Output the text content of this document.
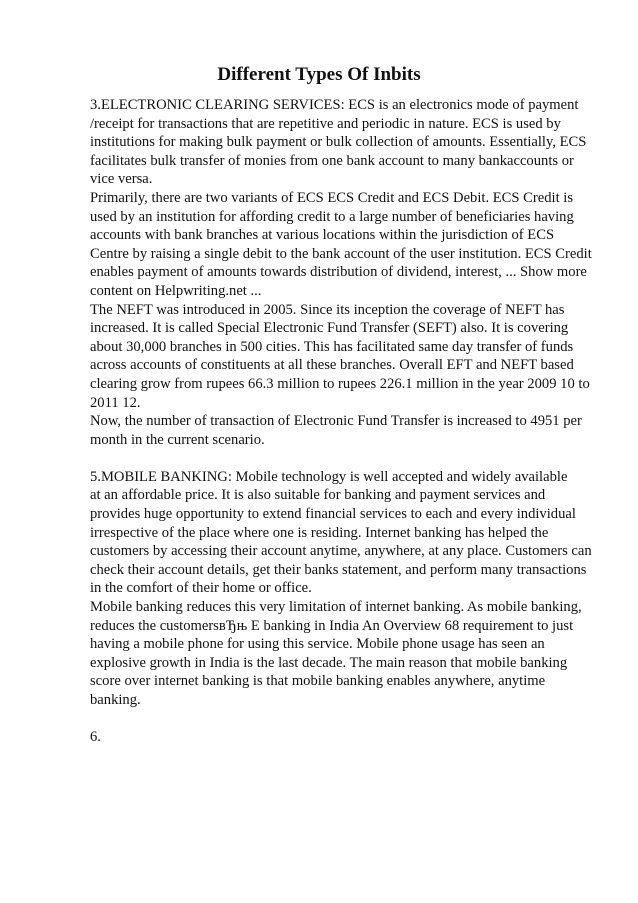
Different Types Of Inbits
3.ELECTRONIC CLEARING SERVICES: ECS is an electronics mode of payment
/receipt for transactions that are repetitive and periodic in nature. ECS is used by
institutions for making bulk payment or bulk collection of amounts. Essentially, ECS
facilitates bulk transfer of monies from one bank account to many bankaccounts or
vice versa.
Primarily, there are two variants of ECS ECS Credit and ECS Debit. ECS Credit is
used by an institution for affording credit to a large number of beneficiaries having
accounts with bank branches at various locations within the jurisdiction of ECS
Centre by raising a single debit to the bank account of the user institution. ECS Credit
enables payment of amounts towards distribution of dividend, interest, ... Show more
content on Helpwriting.net ...
The NEFT was introduced in 2005. Since its inception the coverage of NEFT has
increased. It is called Special Electronic Fund Transfer (SEFT) also. It is covering
about 30,000 branches in 500 cities. This has facilitated same day transfer of funds
across accounts of constituents at all these branches. Overall EFT and NEFT based
clearing grow from rupees 66.3 million to rupees 226.1 million in the year 2009 10 to
2011 12.
Now, the number of transaction of Electronic Fund Transfer is increased to 4951 per
month in the current scenario.
5.MOBILE BANKING: Mobile technology is well accepted and widely available
at an affordable price. It is also suitable for banking and payment services and
provides huge opportunity to extend financial services to each and every individual
irrespective of the place where one is residing. Internet banking has helped the
customers by accessing their account anytime, anywhere, at any place. Customers can
check their account details, get their banks statement, and perform many transactions
in the comfort of their home or office.
Mobile banking reduces this very limitation of internet banking. As mobile banking,
reduces the customersвЂњ E banking in India An Overview 68 requirement to just
having a mobile phone for using this service. Mobile phone usage has seen an
explosive growth in India is the last decade. The main reason that mobile banking
score over internet banking is that mobile banking enables anywhere, anytime
banking.
6.
